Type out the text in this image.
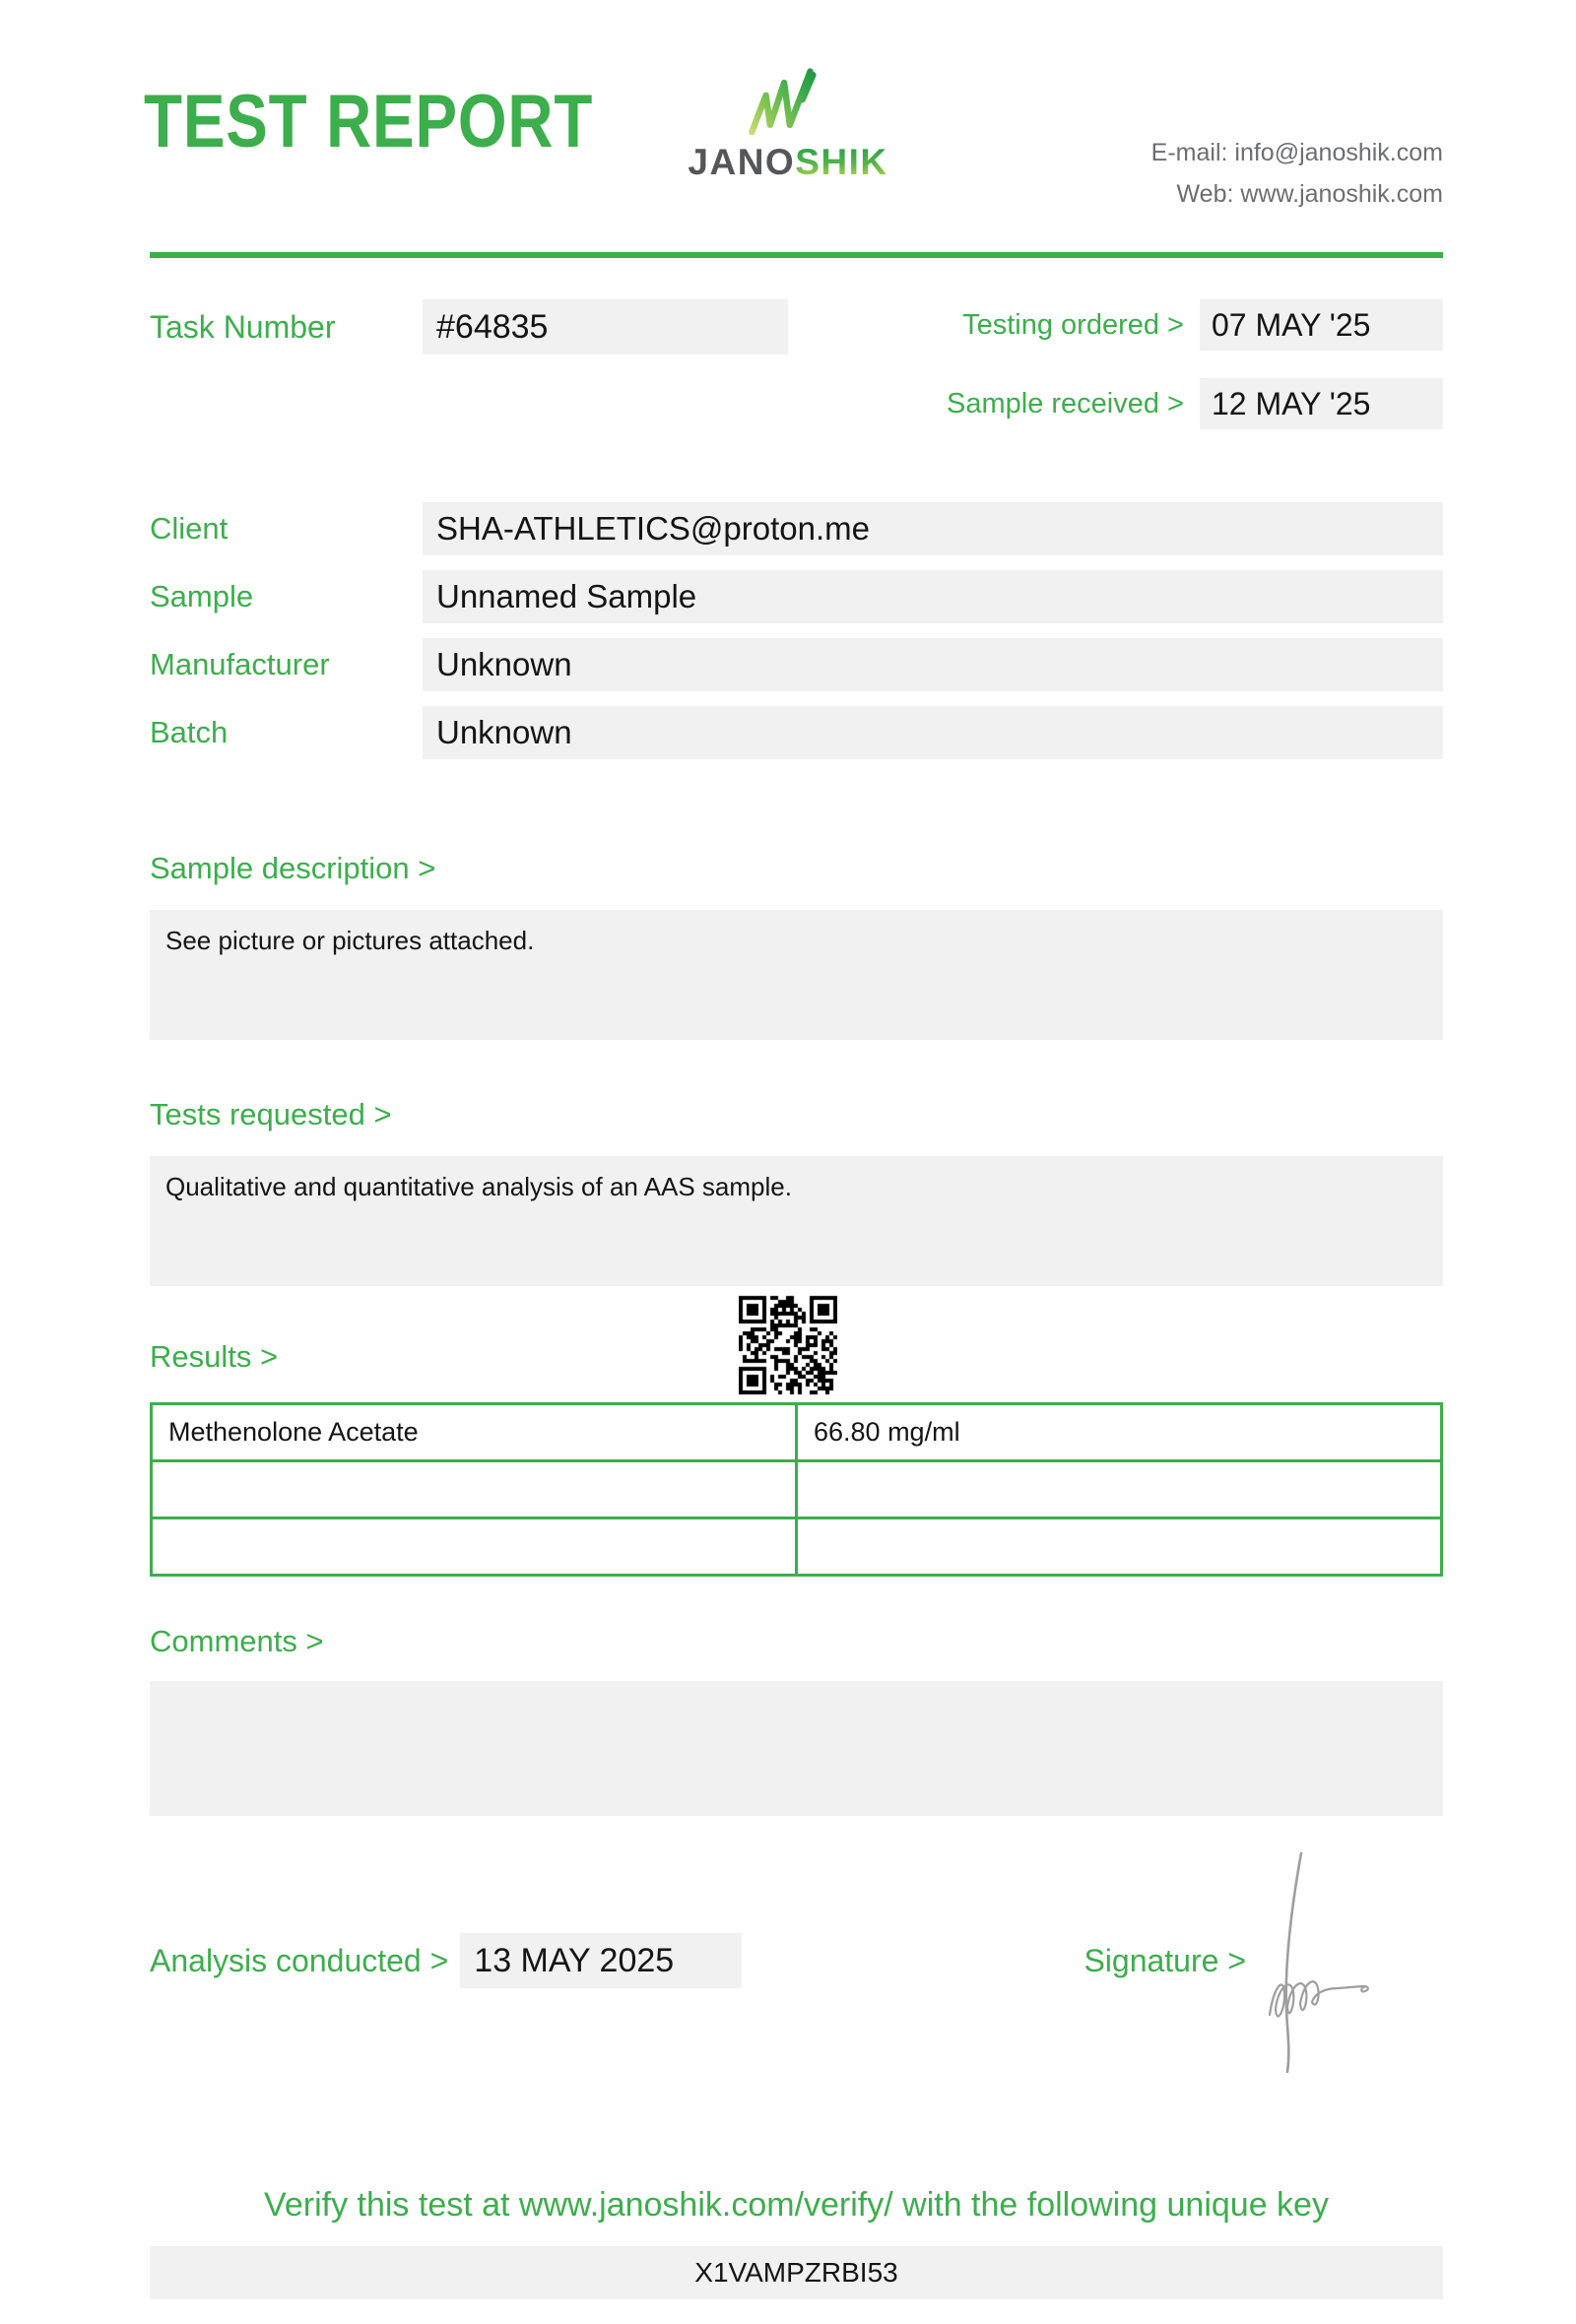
TEST REPORT	JANOSHIK	E-mail: info@janoshik.com
Web: www.janoshik.com
Task Number	#64835	Testing ordered > 07 MAY '25
Sample received > 12 MAY '25
Client	SHA-ATHLETICS@proton.me
Sample	Unnamed Sample
Manufacturer	Unknown
Batch	Unknown
Sample description >
See picture or pictures attached.
Tests requested >
Qualitative and quantitative analysis of an AAS sample.
Results >
Methenolone Acetate	66.80 mg/ml

Comments >
Analysis conducted > 13 MAY 2025	Signature >
Verify this test at www.janoshik.com/verify/ with the following unique key
X1VAMPZRBI53
